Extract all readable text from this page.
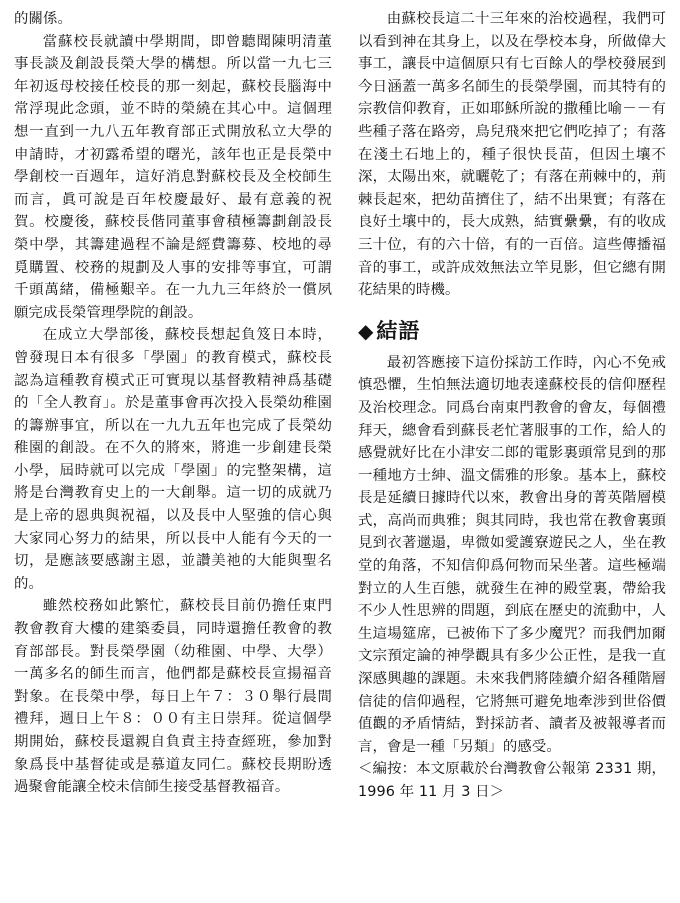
的關係。

當蘇校長就讀中學期間，即曾聽聞陳明清董事長談及創設長榮大學的構想。所以當一九七三年初返母校接任校長的那一刻起，蘇校長腦海中常浮現此念頭，並不時的榮繞在其心中。這個理想一直到一九八五年教育部正式開放私立大學的申請時，才初露希望的曙光，該年也正是長榮中學創校一百週年，這好消息對蘇校長及全校師生而言，眞可說是百年校慶最好、最有意義的祝賀。校慶後，蘇校長偕同董事會積極籌劃創設長榮中學，其籌建過程不論是經費籌募、校地的尋覓購置、校務的規劃及人事的安排等事宜，可謂千頭萬緒，備極艱辛。在一九九三年終於一償夙願完成長榮管理學院的創設。

在成立大學部後，蘇校長想起負笈日本時，曾發現日本有很多「學園」的教育模式，蘇校長認為這種教育模式正可實現以基督教精神爲基礎的「全人教育」。於是董事會再次投入長榮幼稚園的籌辦事宜，所以在一九九五年也完成了長榮幼稚園的創設。在不久的將來，將進一步創建長榮小學，屆時就可以完成「學園」的完整架構，這將是台灣教育史上的一大創舉。這一切的成就乃是上帝的恩典與祝福，以及長中人堅強的信心與大家同心努力的結果，所以長中人能有今天的一切，是應該要感謝主恩，並讚美祂的大能與聖名的。

雖然校務如此繁忙，蘇校長目前仍擔任東門教會教育大樓的建築委員，同時還擔任教會的教育部部長。對長榮學園（幼稚園、中學、大學）一萬多名的師生而言，他們都是蘇校長宣揚福音對象。在長榮中學，每日上午７：３０舉行晨間禮拜，週日上午８：００有主日崇拜。從這個學期開始，蘇校長還親自負責主持查經班，參加對象爲長中基督徒或是慕道友同仁。蘇校長期盼透過聚會能讓全校未信師生接受基督教福音。

由蘇校長這二十三年來的治校過程，我們可以看到神在其身上，以及在學校本身，所做偉大事工，讓長中這個原只有七百餘人的學校發展到今日涵蓋一萬多名師生的長榮學園，而其特有的宗教信仰教育，正如耶穌所說的撒種比喻－－有些種子落在路旁，鳥兒飛來把它們吃掉了；有落在淺土石地上的，種子很快長苗，但因土壤不深，太陽出來，就曬乾了；有落在荊棘中的，荊棘長起來，把幼苗擠住了，結不出果實；有落在良好土壤中的，長大成熟，結實纍纍，有的收成三十位，有的六十倍，有的一百倍。這些傳播福音的事工，或許成效無法立竿見影，但它總有開花結果的時機。

◆結語

最初答應接下這份採訪工作時，內心不免戒慎恐懼，生怕無法適切地表達蘇校長的信仰歷程及治校理念。同爲台南東門教會的會友，每個禮拜天，總會看到蘇長老忙著服事的工作，給人的感覺就好比在小津安二郎的電影裏頭常見到的那一種地方士紳、溫文儒雅的形象。基本上，蘇校長是延續日據時代以來，教會出身的菁英階層模式，高尚而典雅；與其同時，我也常在教會裏頭見到衣著邋遢，卑微如愛護寮遊民之人，坐在教堂的角落，不知信仰爲何物而呆坐著。這些極端對立的人生百態，就發生在神的殿堂裏，帶給我不少人性思辨的問題，到底在歷史的流動中，人生這場筵席，已被佈下了多少魔咒？而我們加爾文宗預定論的神學觀具有多少公正性，是我一直深感興趣的課題。未來我們將陸續介紹各種階層信徒的信仰過程，它將無可避免地牽涉到世俗價值觀的矛盾情結，對採訪者、讀者及被報導者而言，會是一種「另類」的感受。

＜編按：本文原載於台灣教會公報第 2331 期，1996 年 11 月 3 日＞
